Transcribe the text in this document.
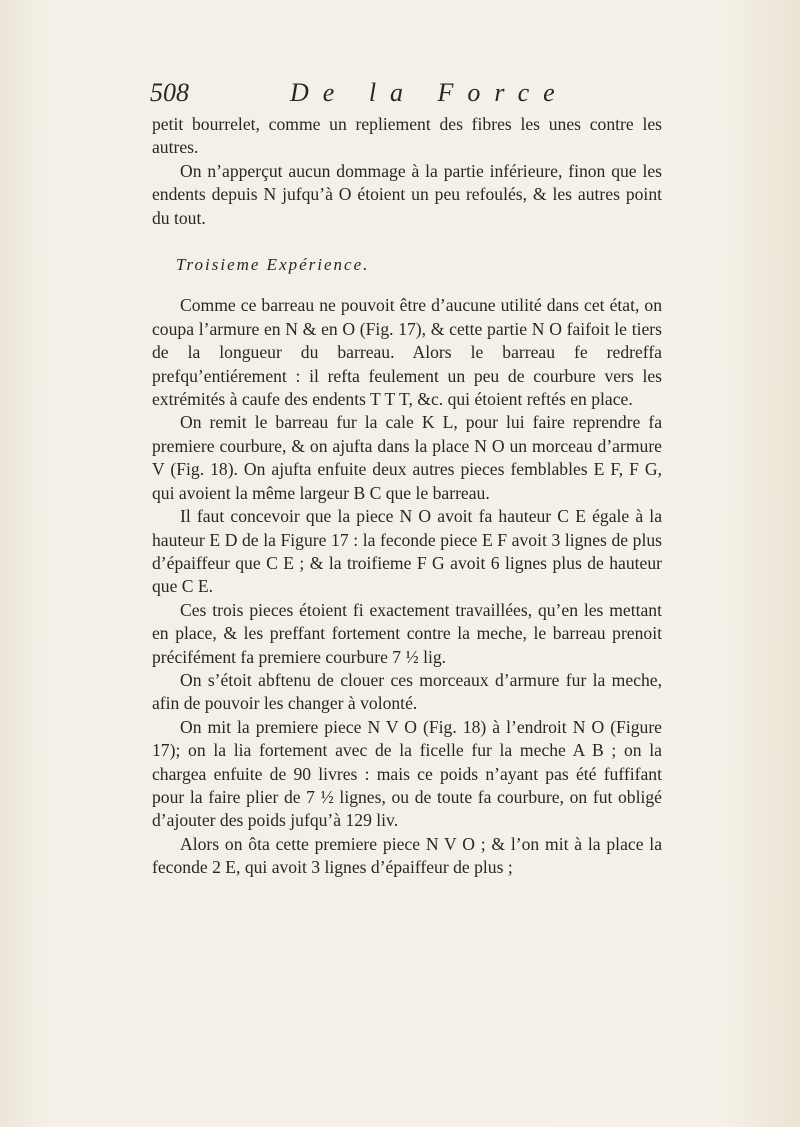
508	De la Force

petit bourrelet, comme un repliement des fibres les unes contre les autres.

On n’apperçut aucun dommage à la partie inférieure, finon que les endents depuis N jufqu’à O étoient un peu refoulés, & les autres point du tout.

Troisieme Expérience.

Comme ce barreau ne pouvoit être d’aucune utilité dans cet état, on coupa l’armure en N & en O (Fig. 17), & cette partie N O faifoit le tiers de la longueur du barreau. Alors le barreau fe redreffa prefqu’entiérement : il refta feulement un peu de courbure vers les extrémités à caufe des endents T T T, &c. qui étoient reftés en place.

On remit le barreau fur la cale K L, pour lui faire reprendre fa premiere courbure, & on ajufta dans la place N O un morceau d’armure V (Fig. 18). On ajufta enfuite deux autres pieces femblables E F, F G, qui avoient la même largeur B C que le barreau.

Il faut concevoir que la piece N O avoit fa hauteur C E égale à la hauteur E D de la Figure 17 : la feconde piece E F avoit 3 lignes de plus d’épaiffeur que C E ; & la troifieme F G avoit 6 lignes plus de hauteur que C E.

Ces trois pieces étoient fi exactement travaillées, qu’en les mettant en place, & les preffant fortement contre la meche, le barreau prenoit précifément fa premiere courbure 7 ½ lig.

On s’étoit abftenu de clouer ces morceaux d’armure fur la meche, afin de pouvoir les changer à volonté.

On mit la premiere piece N V O (Fig. 18) à l’endroit N O (Figure 17); on la lia fortement avec de la ficelle fur la meche A B ; on la chargea enfuite de 90 livres : mais ce poids n’ayant pas été fuffifant pour la faire plier de 7 ½ lignes, ou de toute fa courbure, on fut obligé d’ajouter des poids jufqu’à 129 liv.

Alors on ôta cette premiere piece N V O ; & l’on mit à la place la feconde 2 E, qui avoit 3 lignes d’épaiffeur de plus ;
